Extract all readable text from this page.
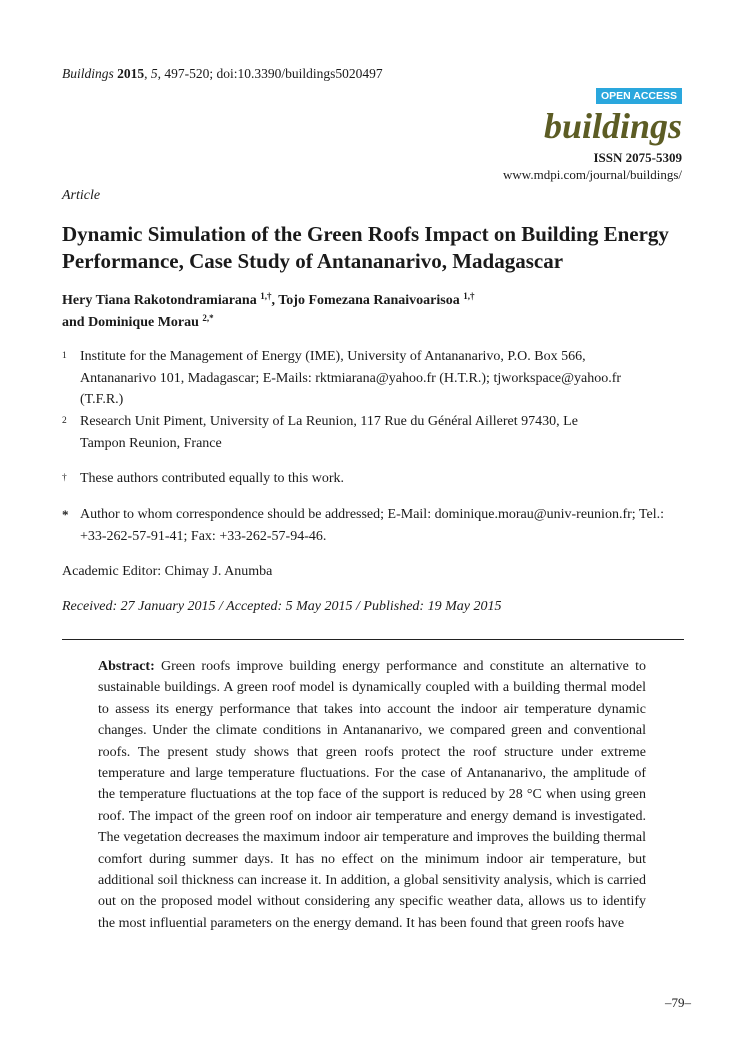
Buildings 2015, 5, 497-520; doi:10.3390/buildings5020497
OPEN ACCESS
buildings
ISSN 2075-5309
www.mdpi.com/journal/buildings/
Article
Dynamic Simulation of the Green Roofs Impact on Building Energy Performance, Case Study of Antananarivo, Madagascar
Hery Tiana Rakotondramiarana $^{1,\dagger}$, Tojo Fomezana Ranaivoarisoa $^{1,\dagger}$
and Dominique Morau $^{2,*}$
1 Institute for the Management of Energy (IME), University of Antananarivo, P.O. Box 566, Antananarivo 101, Madagascar; E-Mails: rktmiarana@yahoo.fr (H.T.R.); tjworkspace@yahoo.fr (T.F.R.)
2 Research Unit Piment, University of La Reunion, 117 Rue du Général Ailleret 97430, Le Tampon Reunion, France
† These authors contributed equally to this work.
* Author to whom correspondence should be addressed; E-Mail: dominique.morau@univ-reunion.fr; Tel.: +33-262-57-91-41; Fax: +33-262-57-94-46.
Academic Editor: Chimay J. Anumba
Received: 27 January 2015 / Accepted: 5 May 2015 / Published: 19 May 2015
Abstract: Green roofs improve building energy performance and constitute an alternative to sustainable buildings. A green roof model is dynamically coupled with a building thermal model to assess its energy performance that takes into account the indoor air temperature dynamic changes. Under the climate conditions in Antananarivo, we compared green and conventional roofs. The present study shows that green roofs protect the roof structure under extreme temperature and large temperature fluctuations. For the case of Antananarivo, the amplitude of the temperature fluctuations at the top face of the support is reduced by 28 °C when using green roof. The impact of the green roof on indoor air temperature and energy demand is investigated. The vegetation decreases the maximum indoor air temperature and improves the building thermal comfort during summer days. It has no effect on the minimum indoor air temperature, but additional soil thickness can increase it. In addition, a global sensitivity analysis, which is carried out on the proposed model without considering any specific weather data, allows us to identify the most influential parameters on the energy demand. It has been found that green roofs have
–79–
